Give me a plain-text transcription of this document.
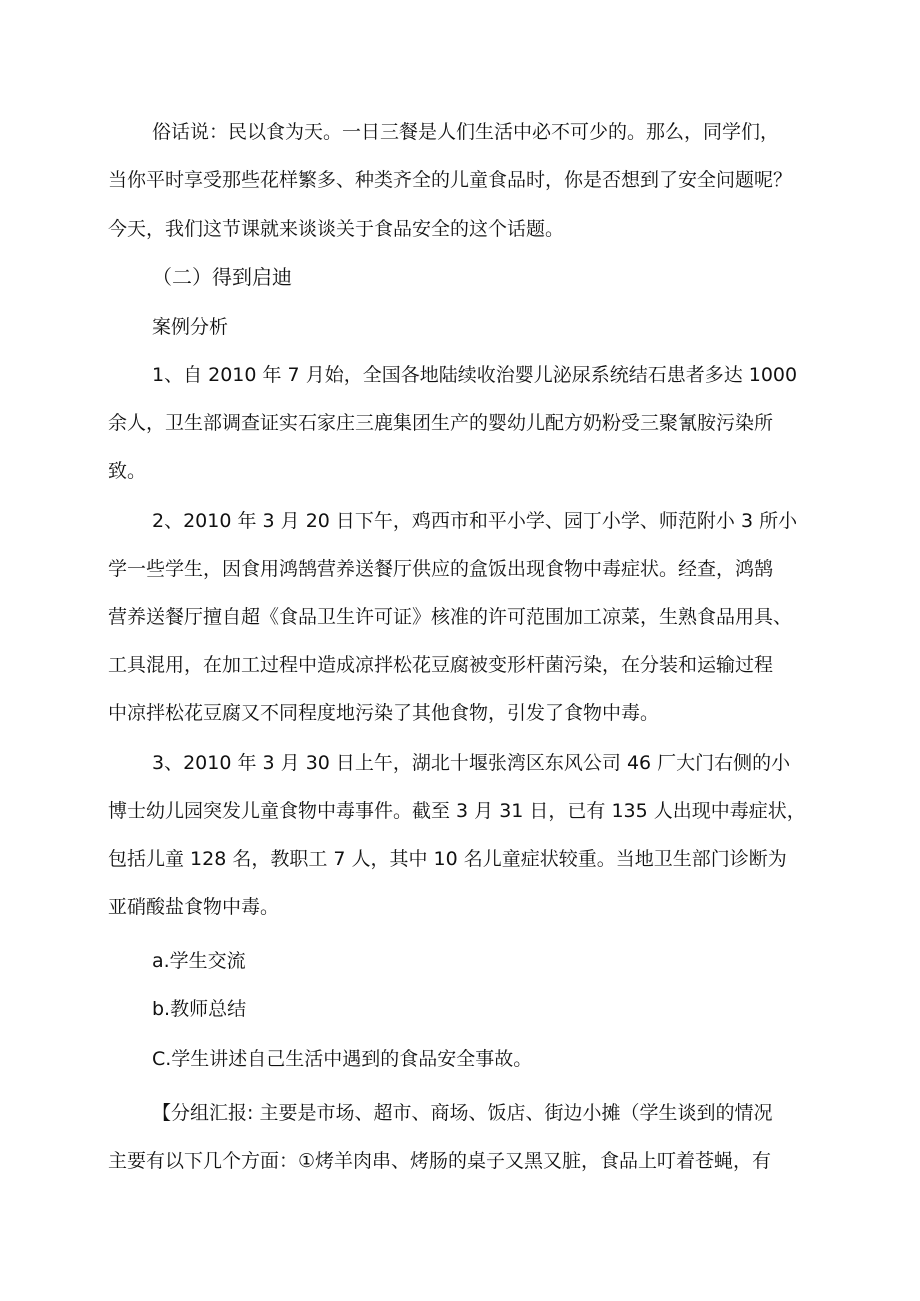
俗话说：民以食为天。一日三餐是人们生活中必不可少的。那么，同学们，
当你平时享受那些花样繁多、种类齐全的儿童食品时，你是否想到了安全问题呢？
今天，我们这节课就来谈谈关于食品安全的这个话题。
（二）得到启迪
案例分析
1、自 2010 年 7 月始，全国各地陆续收治婴儿泌尿系统结石患者多达 1000
余人，卫生部调查证实石家庄三鹿集团生产的婴幼儿配方奶粉受三聚氰胺污染所
致。
2、2010 年 3 月 20 日下午，鸡西市和平小学、园丁小学、师范附小 3 所小
学一些学生，因食用鸿鹄营养送餐厅供应的盒饭出现食物中毒症状。经查，鸿鹄
营养送餐厅擅自超《食品卫生许可证》核准的许可范围加工凉菜，生熟食品用具、
工具混用，在加工过程中造成凉拌松花豆腐被变形杆菌污染，在分装和运输过程
中凉拌松花豆腐又不同程度地污染了其他食物，引发了食物中毒。
3、2010 年 3 月 30 日上午，湖北十堰张湾区东风公司 46 厂大门右侧的小
博士幼儿园突发儿童食物中毒事件。截至 3 月 31 日，已有 135 人出现中毒症状，
包括儿童 128 名，教职工 7 人，其中 10 名儿童症状较重。当地卫生部门诊断为
亚硝酸盐食物中毒。
a.学生交流
b.教师总结
C.学生讲述自己生活中遇到的食品安全事故。
【分组汇报: 主要是市场、超市、商场、饭店、街边小摊（学生谈到的情况
主要有以下几个方面：①烤羊肉串、烤肠的桌子又黑又脏，食品上叮着苍蝇，有
